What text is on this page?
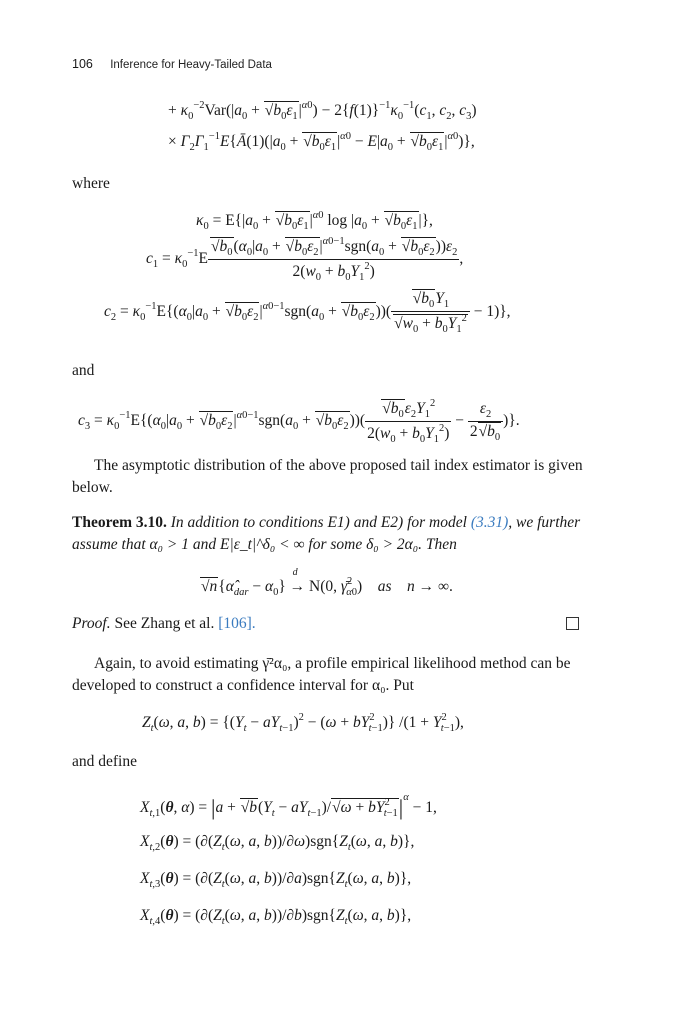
106 Inference for Heavy-Tailed Data
+ $\kappa_0^{-2}Var(|a_0 + √b_0\varepsilon_1|^{\alpha 0}) - 2\{f(1)\}^{-1}\kappa_0^{-1}(c_1$, $c_2$, $c_3$)
× $\Gamma_2\Gamma_1^{-1}E\{Ā(1)(|a_0 + √b_0\varepsilon_1|^{\alpha 0} - E|a_0 + √b_0\varepsilon_1|^{\alpha 0})\}$,
where
$\kappa_0 = E\{|a_0 + √b_0\varepsilon_1|^{\alpha 0}$ $\log |a_0 + √b_0\varepsilon_1|$},
$c_1 = \kappa_0^{-1}E \frac{√b_0(\alpha_0|a_0 + √b_0\varepsilon_2|^{\alpha 0-1}sgn(a_0 + √b_0\varepsilon_2))\varepsilon_2}{2(w_0 + b_0Y_1^2)}$ ,
$c_2 = \kappa_0^{-1}E\{(\alpha_0|a_0 + √b_0\varepsilon_2|^{\alpha 0-1}sgn(a_0 + √b_0\varepsilon_2))( \frac{√b_0Y_1}{√w_0 + b_0Y_1^2} - 1)\}$,
and
$c_3 = \kappa_0^{-1}E\{(\alpha_0|a_0 + √b_0\varepsilon_2|^{\alpha 0-1}sgn(a_0 + √b_0\varepsilon_2))( \frac{√b_0\varepsilon_2Y_1^2}{2(w_0 + b_0Y_1^2)} - \frac{\varepsilon_2}{2√b_0}$ )}.
The asymptotic distribution of the above proposed tail index estimator is given below.
Theorem 3.10. In addition to conditions E1) and E2) for model (3.31), we further assume that α₀ > 1 and E|ε_t|^δ₀ < ∞ for some δ₀ > 2α₀. Then
$√n\{\alphâ_{dar} - \alpha_0\}$
d
→ N(0, γ̄$^2_{\alpha 0}$)    as n → ∞.
Proof. See Zhang et al. [106].
Again, to avoid estimating γ̄²α₀, a profile empirical likelihood method can be developed to construct a confidence interval for α₀. Put
$Z_t(\omega$, a, $b) = \{(Y_t - aY_{t-1})^2 - (\omega + bY^2_{t-1})\} /(1 + Y^2_{t-1})$,
and define
$X_{t,1}(\theta$, $\alpha) = |a + √b(Y_t - aY_{t-1})/√\omega + bY^2_{t-1}|^\alpha - 1$,
$X_{t,2}(\theta) = (\partial(Z_t(\omega$, a, $b))/\partial\omega)sgn\{Z_t(\omega$, a, b)},
$X_{t,3}(\theta) = (\partial(Z_t(\omega$, a, $b))/\partial a)sgn\{Z_t(\omega$, a, b)},
$X_{t,4}(\theta) = (\partial(Z_t(\omega$, a, $b))/\partial b)sgn\{Z_t(\omega$, a, b)},
